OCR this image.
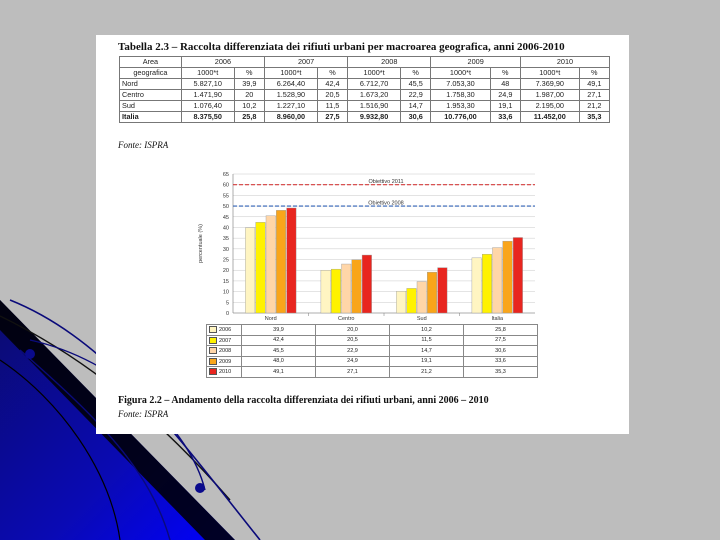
Tabella 2.3 – Raccolta differenziata dei rifiuti urbani per macroarea geografica, anni 2006-2010
Area	2006		2007		2008		2009		2010	
geografica	1000*t	%	1000*t	%	1000*t	%	1000*t	%	1000*t	%
Nord	5.827,10	39,9	6.264,40	42,4	6.712,70	45,5	7.053,30	48	7.369,90	49,1
Centro	1.471,90	20	1.528,90	20,5	1.673,20	22,9	1.758,30	24,9	1.987,00	27,1
Sud	1.076,40	10,2	1.227,10	11,5	1.516,90	14,7	1.953,30	19,1	2.195,00	21,2
Italia	8.375,50	25,8	8.960,00	27,5	9.932,80	30,6	10.776,00	33,6	11.452,00	35,3
Fonte: ISPRA
Figura 2.2 – Andamento della raccolta differenziata dei rifiuti urbani, anni 2006 – 2010
Fonte: ISPRA
0
5
10
15
20
25
30
35
40
45
50
55
60
65
percentuale (%)
Nord	Centro	Sud	Italia
Obiettivo 2011
Obiettivo 2008
2006	39,9	20,0	10,2	25,8
2007	42,4	20,5	11,5	27,5
2008	45,5	22,9	14,7	30,6
2009	48,0	24,9	19,1	33,6
2010	49,1	27,1	21,2	35,3
